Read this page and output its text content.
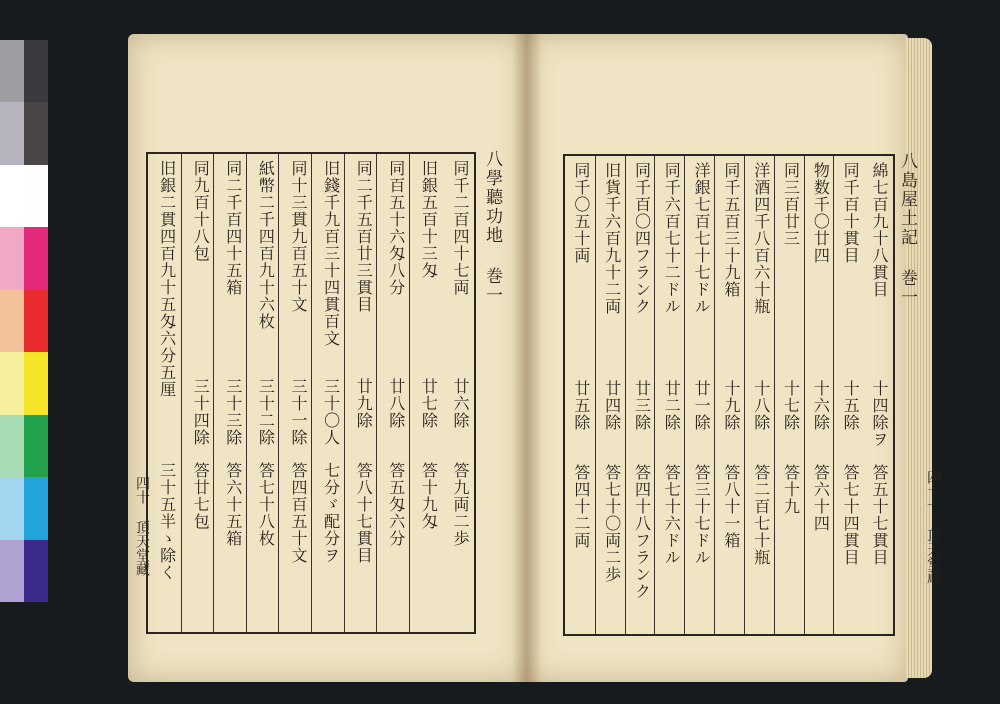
同千二百四十七両
廿六除
答九両二歩
旧銀五百十三匁
廿七除
答十九匁
同百五十六匁八分
廿八除
答五匁六分
同二千五百廿三貫目
廿九除
答八十七貫目
旧錢千九百三十四貫百文
三十〇人
七分ゞ配分ヲ
同十三貫九百五十文
三十一除
答四百五十文
紙幣二千四百九十六枚
三十二除
答七十八枚
同二千百四十五箱
三十三除
答六十五箱
同九百十八包
三十四除
答廿七包
旧銀二貫四百九十五匁六分五厘
三十五半ゝ除く
綿七百九十八貫目
十四除ヲ
答五十七貫目
同千百十貫目
十五除
答七十四貫目
物数千〇廿四
十六除
答六十四
同三百廿三
十七除
答十九
洋酒四千八百六十瓶
十八除
答二百七十瓶
同千五百三十九箱
十九除
答八十一箱
洋銀七百七十七ドル
廿一除
答三十七ドル
同千六百七十二ドル
廿二除
答七十六ドル
同千百〇四フランク
廿三除
答四十八フランク
旧貨千六百九十二両
廿四除
答七十〇両二歩
同千〇五十両
廿五除
答四十二両
八學聽功地 巻一	八島屋土記 巻一
四十 頂天堂藏	四十一 頂天堂蔵
